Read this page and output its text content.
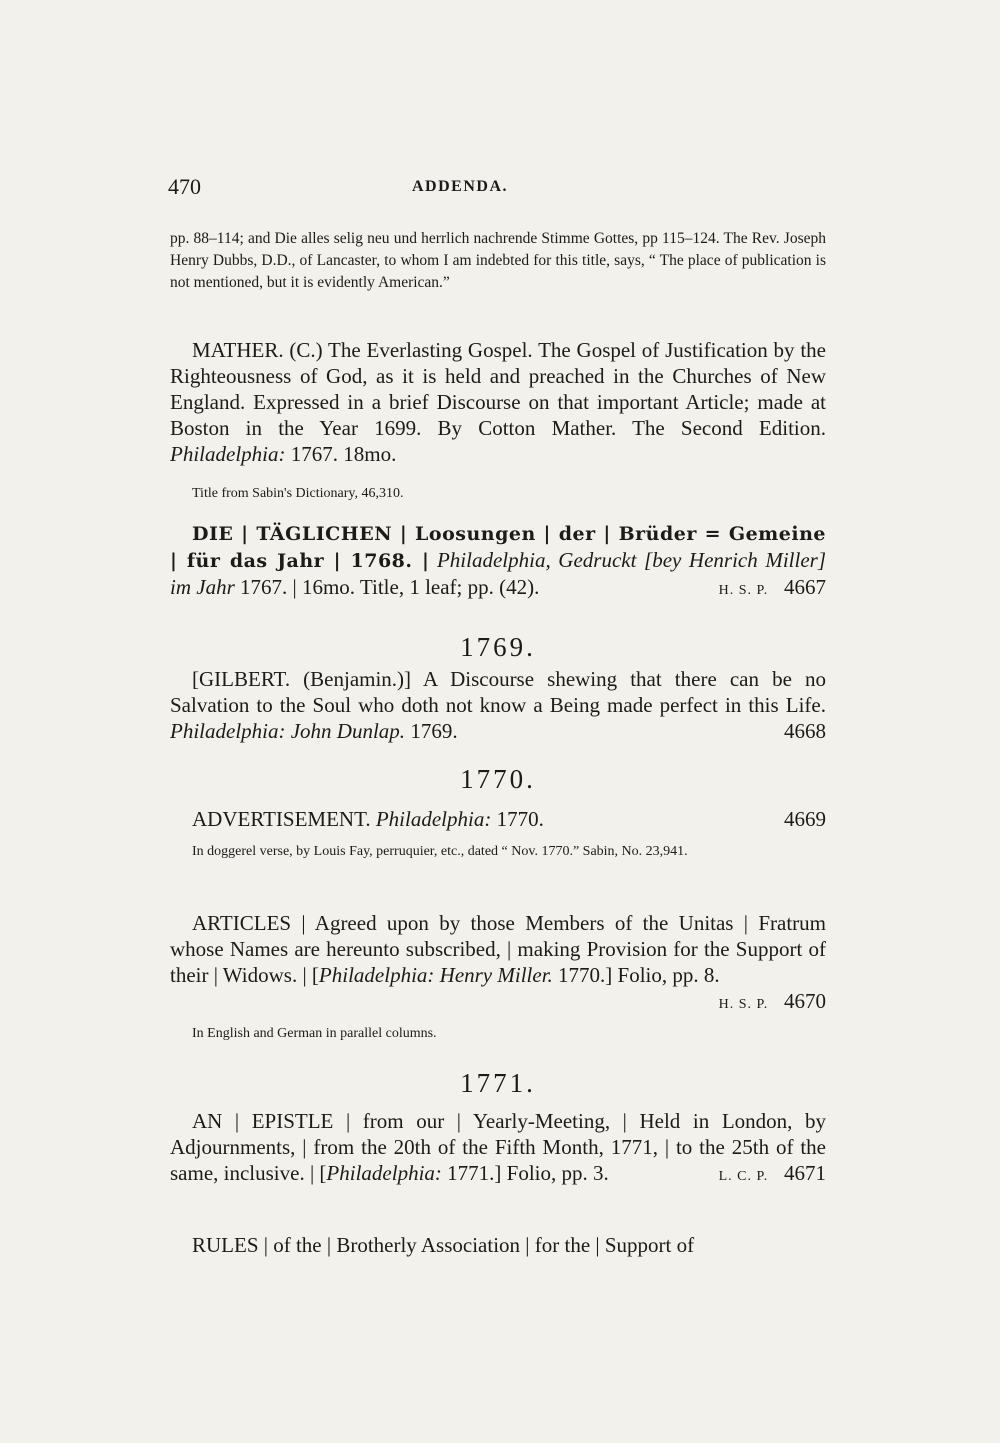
470	ADDENDA.
pp. 88–114; and Die alles selig neu und herrlich nachrende Stimme Gottes, pp 115–124. The Rev. Joseph Henry Dubbs, D.D., of Lancaster, to whom I am indebted for this title, says, “ The place of publication is not mentioned, but it is evidently American.”
MATHER. (C.) The Everlasting Gospel. The Gospel of Justification by the Righteousness of God, as it is held and preached in the Churches of New England. Expressed in a brief Discourse on that important Article; made at Boston in the Year 1699. By Cotton Mather. The Second Edition. Philadelphia: 1767. 18mo.
Title from Sabin's Dictionary, 46,310.
DIE | TÄGLICHEN | Loosungen | der | Brüder = Gemeine | für das Jahr | 1768. | Philadelphia, Gedruckt [bey Henrich Miller] im Jahr 1767. | 16mo. Title, 1 leaf; pp. (42).	H. S. P. 4667
1769.
[GILBERT. (Benjamin.)] A Discourse shewing that there can be no Salvation to the Soul who doth not know a Being made perfect in this Life. Philadelphia: John Dunlap. 1769.	4668
1770.
ADVERTISEMENT. Philadelphia: 1770.	4669
In doggerel verse, by Louis Fay, perruquier, etc., dated “ Nov. 1770.” Sabin, No. 23,941.
ARTICLES | Agreed upon by those Members of the Unitas | Fratrum whose Names are hereunto subscribed, | making Provision for the Support of their | Widows. | [Philadelphia: Henry Miller. 1770.] Folio, pp. 8.
H. S. P. 4670
In English and German in parallel columns.
1771.
AN | EPISTLE | from our | Yearly-Meeting, | Held in London, by Adjournments, | from the 20th of the Fifth Month, 1771, | to the 25th of the same, inclusive. | [Philadelphia: 1771.] Folio, pp. 3.	L. C. P. 4671
RULES | of the | Brotherly Association | for the | Support of
